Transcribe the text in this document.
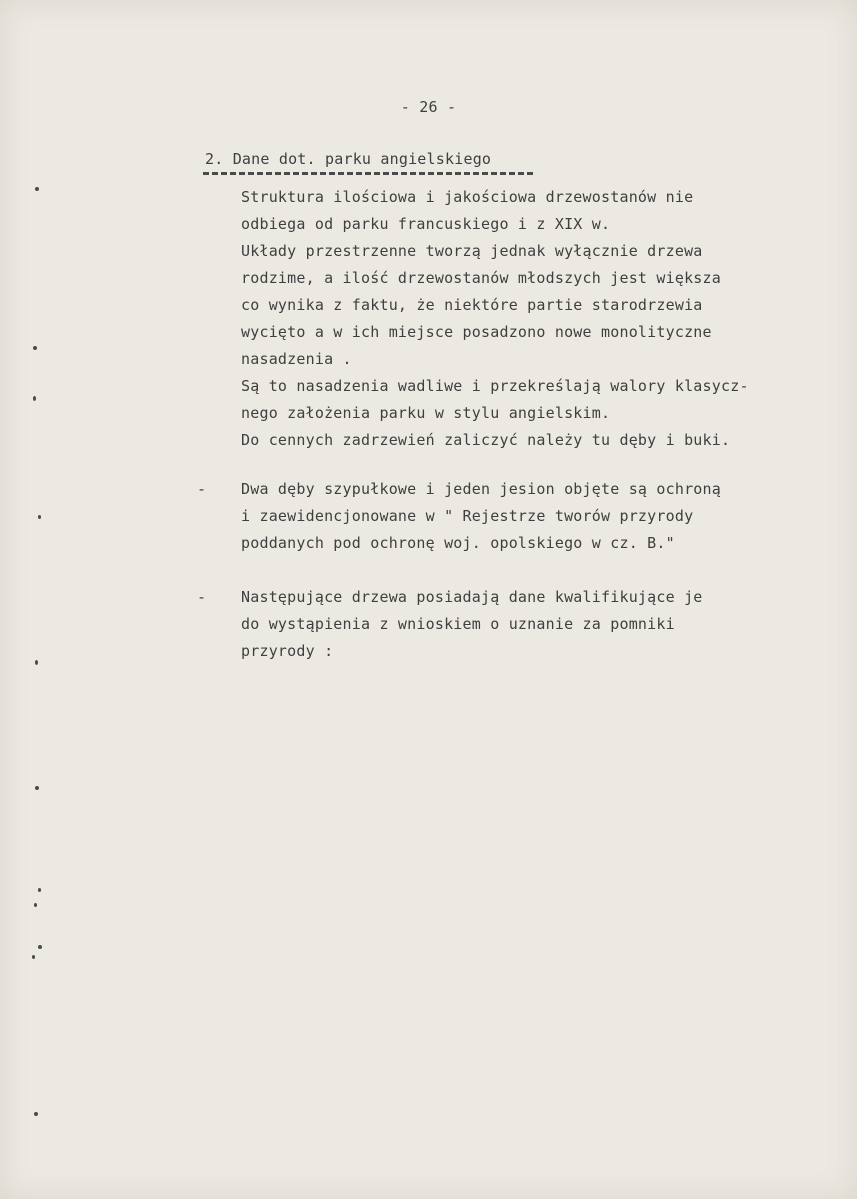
- 26 -
2. Dane dot. parku angielskiego
Struktura ilościowa i jakościowa drzewostanów nie
odbiega od parku francuskiego i z XIX w.
Układy przestrzenne tworzą jednak wyłącznie drzewa
rodzime, a ilość drzewostanów młodszych jest większa
co wynika z faktu, że niektóre partie starodrzewia
wycięto a w ich miejsce posadzono nowe monolityczne
nasadzenia .
Są to nasadzenia wadliwe i przekreślają walory klasycz-
nego założenia parku w stylu angielskim.
Do cennych zadrzewień zaliczyć należy tu dęby i buki.
- Dwa dęby szypułkowe i jeden jesion objęte są ochroną
i zaewidencjonowane w " Rejestrze tworów przyrody
poddanych pod ochronę woj. opolskiego w cz. B."
- Następujące drzewa posiadają dane kwalifikujące je
do wystąpienia z wnioskiem o uznanie za pomniki
przyrody :
